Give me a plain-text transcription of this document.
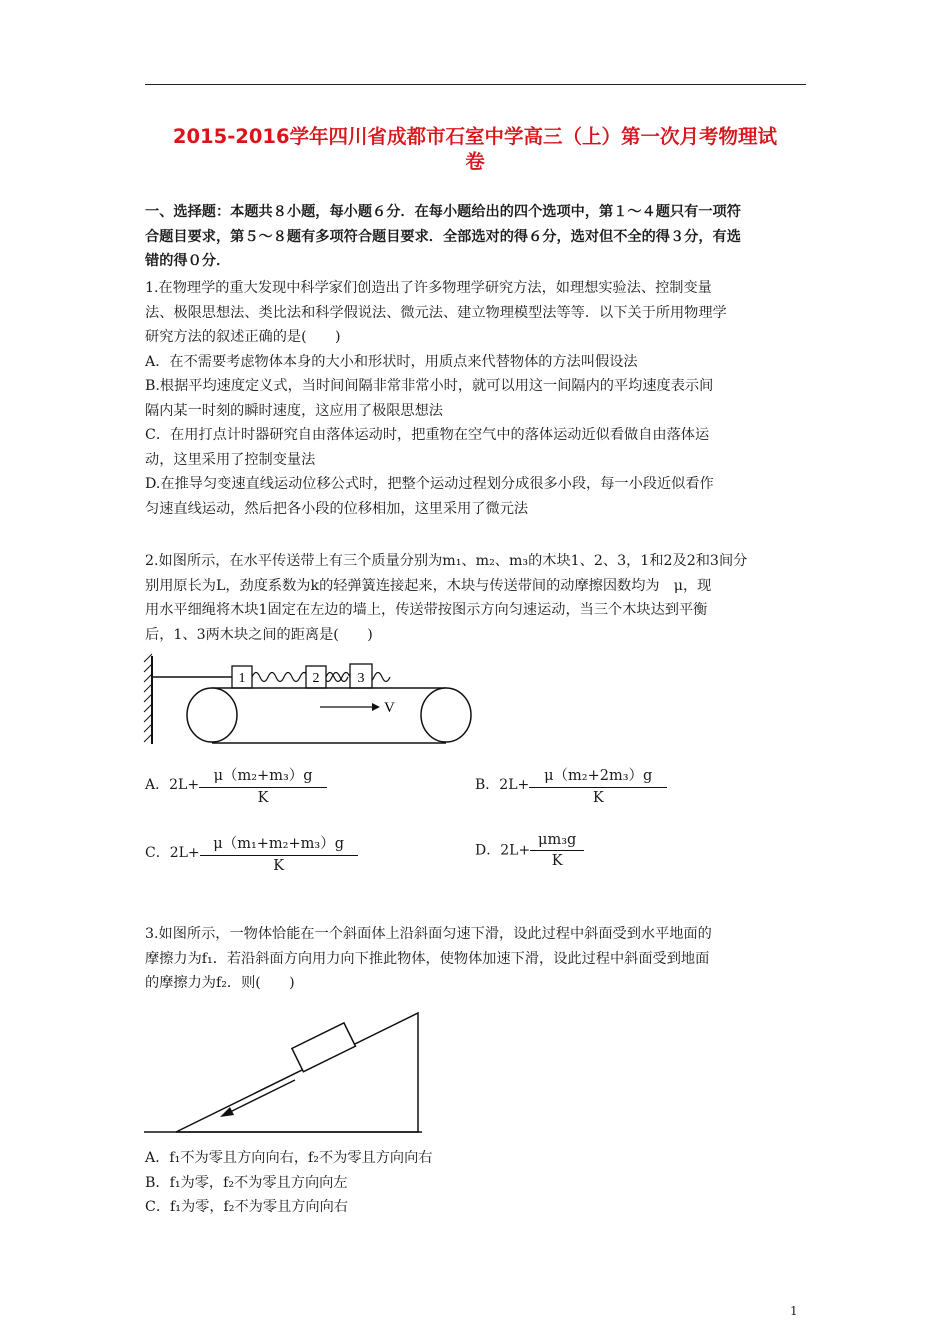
2015-2016学年四川省成都市石室中学高三（上）第一次月考物理试
卷
一、选择题：本题共８小题，每小题６分．在每小题给出的四个选项中，第１～４题只有一项符
合题目要求，第５～８题有多项符合题目要求．全部选对的得６分，选对但不全的得３分，有选
错的得０分．
1.在物理学的重大发现中科学家们创造出了许多物理学研究方法，如理想实验法、控制变量
法、极限思想法、类比法和科学假说法、微元法、建立物理模型法等等．以下关于所用物理学
研究方法的叙述正确的是(　　)
A．在不需要考虑物体本身的大小和形状时，用质点来代替物体的方法叫假设法
B.根据平均速度定义式，当时间间隔非常非常小时，就可以用这一间隔内的平均速度表示间
隔内某一时刻的瞬时速度，这应用了极限思想法
C．在用打点计时器研究自由落体运动时，把重物在空气中的落体运动近似看做自由落体运
动，这里采用了控制变量法
D.在推导匀变速直线运动位移公式时，把整个运动过程划分成很多小段，每一小段近似看作
匀速直线运动，然后把各小段的位移相加，这里采用了微元法
2.如图所示，在水平传送带上有三个质量分别为m₁、m₂、m₃的木块1、2、3，1和2及2和3间分
别用原长为L，劲度系数为k的轻弹簧连接起来，木块与传送带间的动摩擦因数均为　μ，现
用水平细绳将木块1固定在左边的墙上，传送带按图示方向匀速运动，当三个木块达到平衡
后，1、3两木块之间的距离是(　　)
1	2	3
V
A．$2L+ \frac{\text{μ（m₂+m₃）g}}{K}$	B．$2L+ \frac{\text{μ（m₂+2m₃）g}}{K}$
C．$2L+ \frac{\text{μ（m₁+m₂+m₃）g}}{K}$	D．$2L+ \frac{\text{μm₃g}}{K}$
3.如图所示，一物体恰能在一个斜面体上沿斜面匀速下滑，设此过程中斜面受到水平地面的
摩擦力为f₁．若沿斜面方向用力向下推此物体，使物体加速下滑，设此过程中斜面受到地面
的摩擦力为f₂．则(　　)
A．f₁不为零且方向向右，f₂不为零且方向向右
B．f₁为零，f₂不为零且方向向左
C．f₁为零，f₂不为零且方向向右
1
